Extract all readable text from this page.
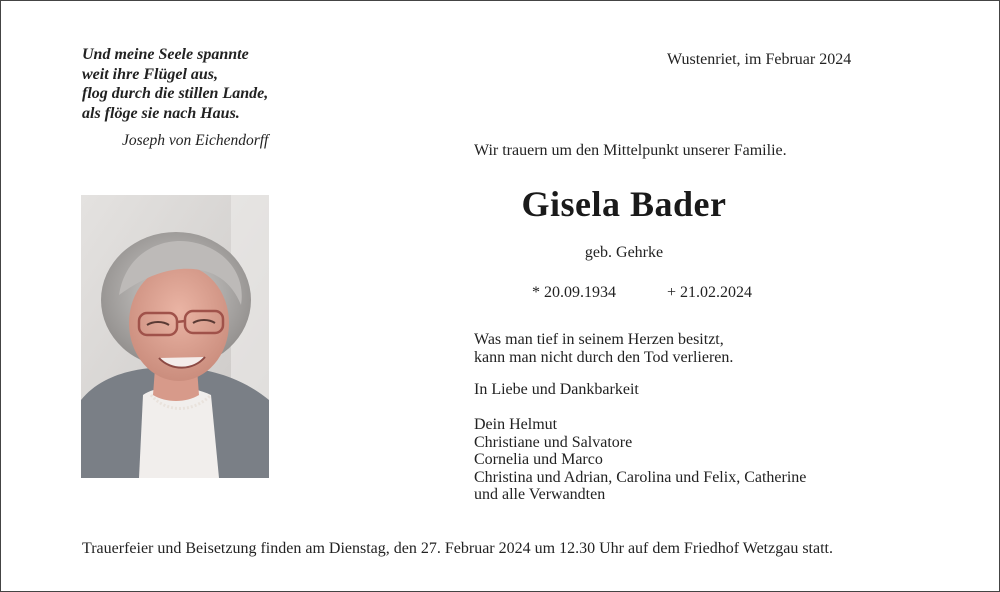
Und meine Seele spannte
weit ihre Flügel aus,
flog durch die stillen Lande,
als flöge sie nach Haus.
Joseph von Eichendorff
Wustenriet, im Februar 2024
Wir trauern um den Mittelpunkt unserer Familie.
Gisela Bader
geb. Gehrke
* 20.09.1934	+ 21.02.2024
Was man tief in seinem Herzen besitzt,
kann man nicht durch den Tod verlieren.
In Liebe und Dankbarkeit
Dein Helmut
Christiane und Salvatore
Cornelia und Marco
Christina und Adrian, Carolina und Felix, Catherine
und alle Verwandten
Trauerfeier und Beisetzung finden am Dienstag, den 27. Februar 2024 um 12.30 Uhr auf dem Friedhof Wetzgau statt.
